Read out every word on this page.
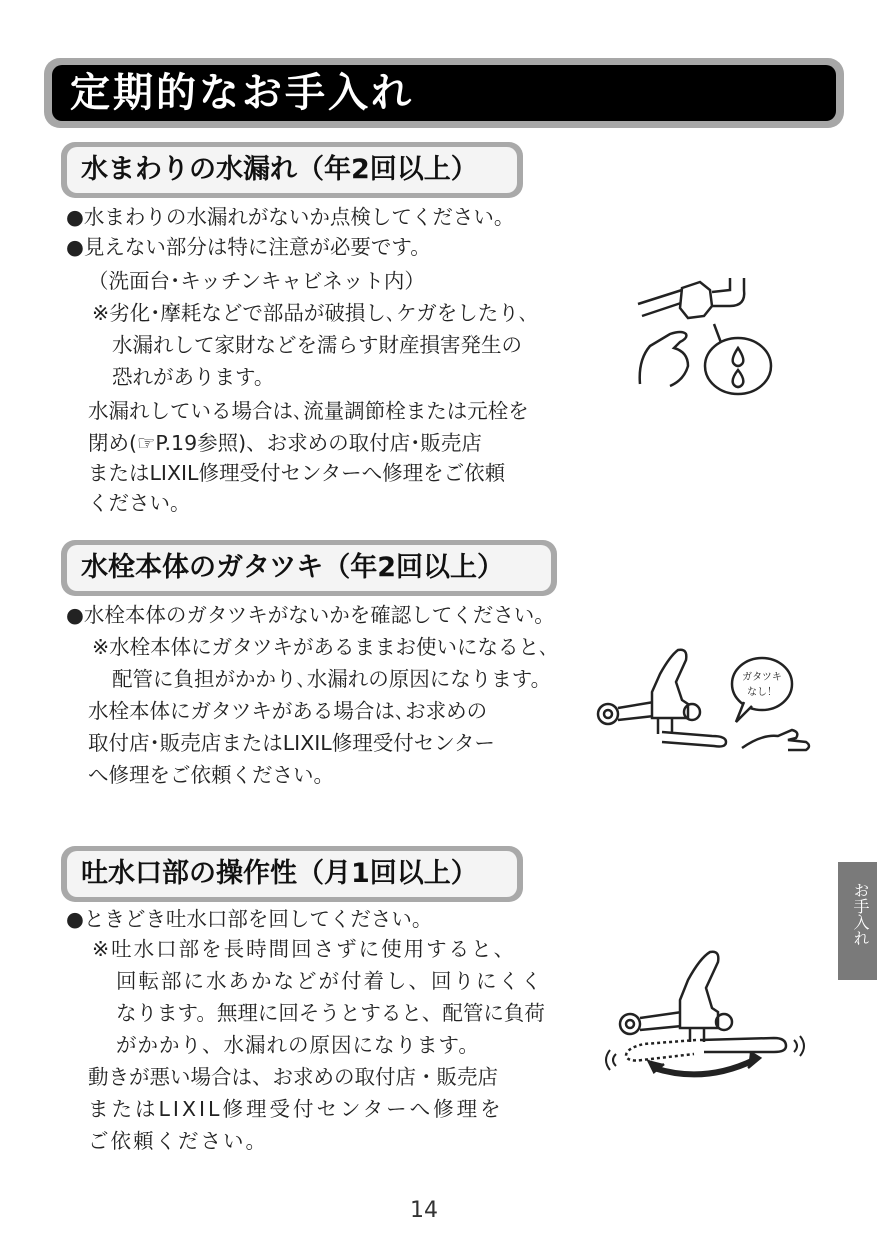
定期的なお手入れ
水まわりの水漏れ（年2回以上）
●水まわりの水漏れがないか点検してください。
●見えない部分は特に注意が必要です。
（洗面台･キッチンキャビネット内）
※劣化･摩耗などで部品が破損し､ケガをしたり､
水漏れして家財などを濡らす財産損害発生の
恐れがあります。
水漏れしている場合は､流量調節栓または元栓を
閉め(☞P.19参照)、お求めの取付店･販売店
またはLIXIL修理受付センターへ修理をご依頼
ください。
水栓本体のガタツキ（年2回以上）
●水栓本体のガタツキがないかを確認してください。
※水栓本体にガタツキがあるままお使いになると､
配管に負担がかかり､水漏れの原因になります。
水栓本体にガタツキがある場合は､お求めの
取付店･販売店またはLIXIL修理受付センター
へ修理をご依頼ください。
ガタツキ
なし！
吐水口部の操作性（月1回以上）
●ときどき吐水口部を回してください。
※吐水口部を長時間回さずに使用すると、
回転部に水あかなどが付着し、回りにくく
なります。無理に回そうとすると、配管に負荷
がかかり、水漏れの原因になります。
動きが悪い場合は、お求めの取付店・販売店
またはLIXIL修理受付センターへ修理を
ご依頼ください。
お手入れ
14
